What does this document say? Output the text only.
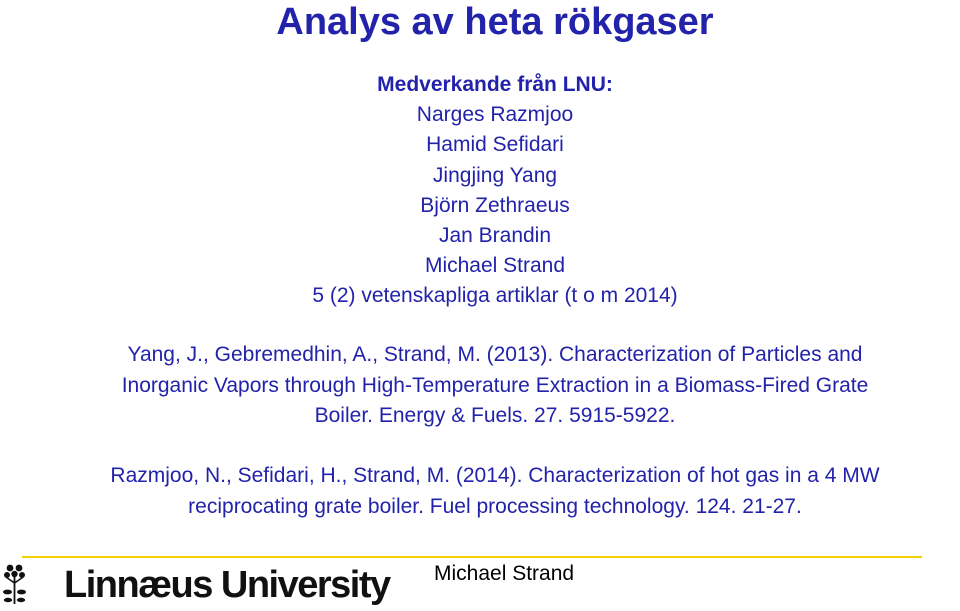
Analys av heta rökgaser
Medverkande från LNU:
Narges Razmjoo
Hamid Sefidari
Jingjing Yang
Björn Zethraeus
Jan Brandin
Michael Strand
5 (2) vetenskapliga artiklar (t o m 2014)
Yang, J., Gebremedhin, A., Strand, M. (2013). Characterization of Particles and
Inorganic Vapors through High-Temperature Extraction in a Biomass-Fired Grate
Boiler. Energy & Fuels. 27. 5915-5922.
Razmjoo, N., Sefidari, H., Strand, M. (2014). Characterization of hot gas in a 4 MW
reciprocating grate boiler. Fuel processing technology. 124. 21-27.
Linnæus University Michael Strand
